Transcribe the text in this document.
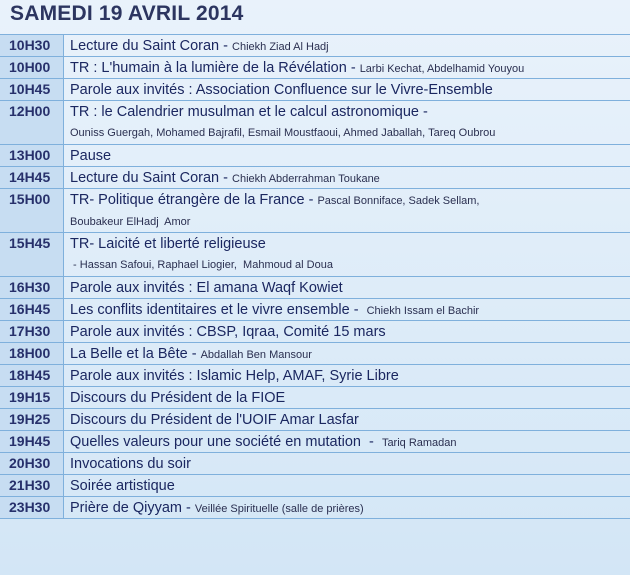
SAMEDI 19 AVRIL 2014
10H30	Lecture du Saint Coran - Chiekh Ziad Al Hadj
10H00	TR : L'humain à la lumière de la Révélation - Larbi Kechat, Abdelhamid Youyou
10H45	Parole aux invités : Association Confluence sur le Vivre-Ensemble
12H00	TR : le Calendrier musulman et le calcul astronomique -
Ouniss Guergah, Mohamed Bajrafil, Esmail Moustfaoui, Ahmed Jaballah, Tareq Oubrou
13H00	Pause
14H45	Lecture du Saint Coran - Chiekh Abderrahman Toukane
15H00	TR- Politique étrangère de la France - Pascal Bonniface, Sadek Sellam,
Boubakeur ElHadj  Amor
15H45	TR- Laicité et liberté religieuse
- Hassan Safoui, Raphael Liogier,  Mahmoud al Doua
16H30	Parole aux invités : El amana Waqf Kowiet
16H45	Les conflits identitaires et le vivre ensemble -  Chiekh Issam el Bachir
17H30	Parole aux invités : CBSP, Iqraa, Comité 15 mars
18H00	La Belle et la Bête - Abdallah Ben Mansour
18H45	Parole aux invités : Islamic Help, AMAF, Syrie Libre
19H15	Discours du Président de la FIOE
19H25	Discours du Président de l'UOIF Amar Lasfar
19H45	Quelles valeurs pour une société en mutation  -  Tariq Ramadan
20H30	Invocations du soir
21H30	Soirée artistique
23H30	Prière de Qiyyam - Veillée Spirituelle (salle de prières)
